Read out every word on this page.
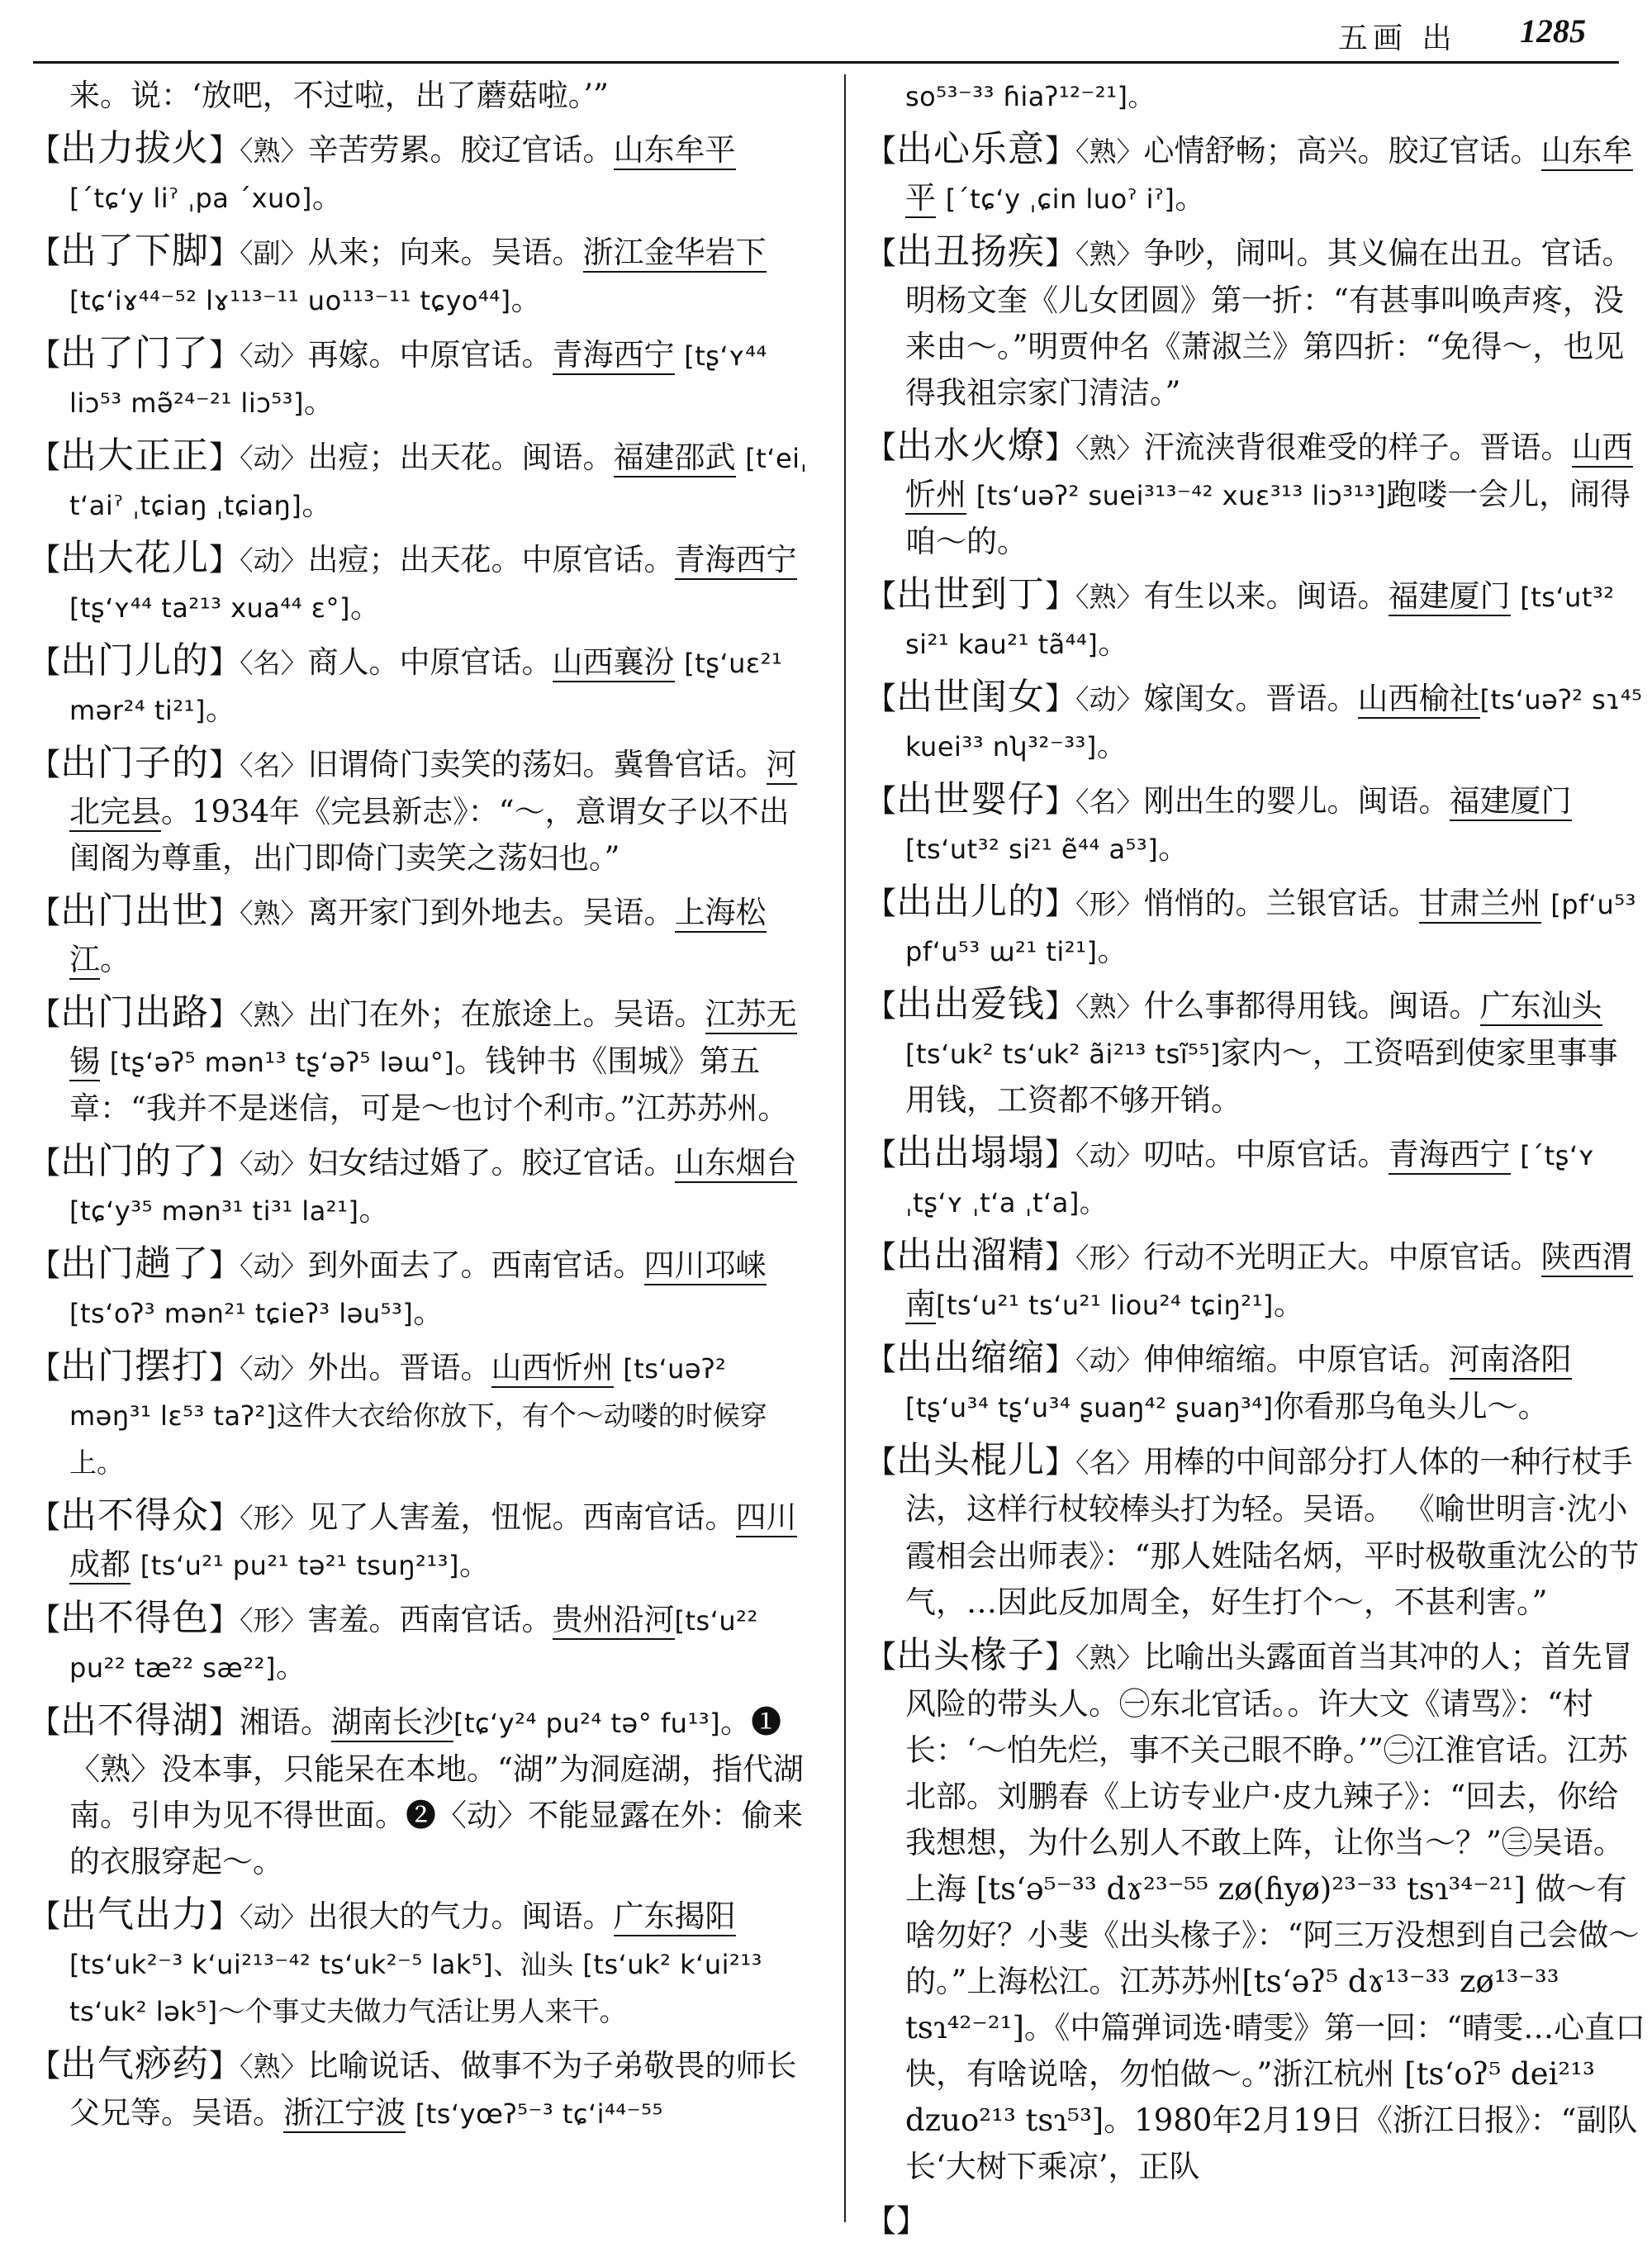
五画 出 1285

来。说：‘放吧，不过啦，出了蘑菇啦。’”

【出力拔火】〈熟〉辛苦劳累。胶辽官话。山东牟平 [ˊtɕʻy liˀ ˌpa ˊxuo]。

【出了下脚】〈副〉从来；向来。吴语。浙江金华岩下 [tɕʻiɤ⁴⁴⁻⁵² lɤ¹¹³⁻¹¹ uo¹¹³⁻¹¹ tɕyo⁴⁴]。

【出了门了】〈动〉再嫁。中原官话。青海西宁 [tʂʻʏ⁴⁴ liɔ⁵³ mə̃²⁴⁻²¹ liɔ⁵³]。

【出大正正】〈动〉出痘；出天花。闽语。福建邵武 [tʻeiˌ tʻaiˀ ˌtɕiaŋ ˌtɕiaŋ]。

【出大花儿】〈动〉出痘；出天花。中原官话。青海西宁 [tʂʻʏ⁴⁴ ta²¹³ xua⁴⁴ ɛ°]。

【出门儿的】〈名〉商人。中原官话。山西襄汾 [tʂʻuɛ²¹ mər²⁴ ti²¹]。

【出门子的】〈名〉旧谓倚门卖笑的荡妇。冀鲁官话。河北完县。1934年《完县新志》：“～，意谓女子以不出闺阁为尊重，出门即倚门卖笑之荡妇也。”

【出门出世】〈熟〉离开家门到外地去。吴语。上海松江。

【出门出路】〈熟〉出门在外；在旅途上。吴语。江苏无锡 [tʂʻəʔ⁵ mən¹³ tʂʻəʔ⁵ ləɯ°]。钱钟书《围城》第五章：“我并不是迷信，可是～也讨个利市。”江苏苏州。

【出门的了】〈动〉妇女结过婚了。胶辽官话。山东烟台 [tɕʻy³⁵ mən³¹ ti³¹ la²¹]。

【出门趟了】〈动〉到外面去了。西南官话。四川邛崃 [tsʻoʔ³ mən²¹ tɕieʔ³ ləu⁵³]。

【出门摆打】〈动〉外出。晋语。山西忻州 [tsʻuəʔ² məŋ³¹ lɛ⁵³ taʔ²]这件大衣给你放下，有个～动喽的时候穿上。

【出不得众】〈形〉见了人害羞，忸怩。西南官话。四川成都 [tsʻu²¹ pu²¹ tə²¹ tsuŋ²¹³]。

【出不得色】〈形〉害羞。西南官话。贵州沿河[tsʻu²² pu²² tæ²² sæ²²]。

【出不得湖】湘语。湖南长沙[tɕʻy²⁴ pu²⁴ tə° fu¹³]。❶〈熟〉没本事，只能呆在本地。“湖”为洞庭湖，指代湖南。引申为见不得世面。❷〈动〉不能显露在外：偷来的衣服穿起～。

【出气出力】〈动〉出很大的气力。闽语。广东揭阳 [tsʻuk²⁻³ kʻui²¹³⁻⁴² tsʻuk²⁻⁵ lak⁵]、汕头 [tsʻuk² kʻui²¹³ tsʻuk² lək⁵]～个事丈夫做力气活让男人来干。

【出气痧药】〈熟〉比喻说话、做事不为子弟敬畏的师长父兄等。吴语。浙江宁波 [tsʻyœʔ⁵⁻³ tɕʻi⁴⁴⁻⁵⁵

so⁵³⁻³³ ɦiaʔ¹²⁻²¹]。

【出心乐意】〈熟〉心情舒畅；高兴。胶辽官话。山东牟平 [ˊtɕʻy ˌɕin luoˀ iˀ]。

【出丑扬疾】〈熟〉争吵，闹叫。其义偏在出丑。官话。明杨文奎《儿女团圆》第一折：“有甚事叫唤声疼，没来由～。”明贾仲名《萧淑兰》第四折：“免得～，也见得我祖宗家门清洁。”

【出水火燎】〈熟〉汗流浃背很难受的样子。晋语。山西忻州 [tsʻuəʔ² suei³¹³⁻⁴² xuɛ³¹³ liɔ³¹³]跑喽一会儿，闹得咱～的。

【出世到丁】〈熟〉有生以来。闽语。福建厦门 [tsʻut³² si²¹ kau²¹ tã⁴⁴]。

【出世闺女】〈动〉嫁闺女。晋语。山西榆社[tsʻuəʔ² sɿ⁴⁵ kuei³³ nʮ³²⁻³³]。

【出世婴仔】〈名〉刚出生的婴儿。闽语。福建厦门 [tsʻut³² si²¹ ẽ⁴⁴ a⁵³]。

【出出儿的】〈形〉悄悄的。兰银官话。甘肃兰州 [pfʻu⁵³ pfʻu⁵³ ɯ²¹ ti²¹]。

【出出爱钱】〈熟〉什么事都得用钱。闽语。广东汕头 [tsʻuk² tsʻuk² ãi²¹³ tsĩ⁵⁵]家内～，工资唔到使家里事事用钱，工资都不够开销。

【出出塌塌】〈动〉叨咕。中原官话。青海西宁 [ˊtʂʻʏ ˌtʂʻʏ ˌtʻa ˌtʻa]。

【出出溜精】〈形〉行动不光明正大。中原官话。陕西渭南[tsʻu²¹ tsʻu²¹ liou²⁴ tɕiŋ²¹]。

【出出缩缩】〈动〉伸伸缩缩。中原官话。河南洛阳 [tʂʻu³⁴ tʂʻu³⁴ ʂuaŋ⁴² ʂuaŋ³⁴]你看那乌龟头儿～。

【出头棍儿】〈名〉用棒的中间部分打人体的一种行杖手法，这样行杖较棒头打为轻。吴语。 《喻世明言·沈小霞相会出师表》：“那人姓陆名炳，平时极敬重沈公的节气，…因此反加周全，好生打个～，不甚利害。”

【出头椽子】〈熟〉比喻出头露面首当其冲的人；首先冒风险的带头人。㊀东北官话。。许大文《请骂》：“村长：‘～怕先烂，事不关己眼不睁。’”㊁江淮官话。江苏北部。刘鹏春《上访专业户·皮九辣子》：“回去，你给我想想，为什么别人不敢上阵，让你当～？”㊂吴语。上海 [tsʻə⁵⁻³³ dɤ²³⁻⁵⁵ zø(ɦyø)²³⁻³³ tsɿ³⁴⁻²¹] 做～有啥勿好？小斐《出头椽子》：“阿三万没想到自己会做～的。”上海松江。江苏苏州[tsʻəʔ⁵ dɤ¹³⁻³³ zø¹³⁻³³ tsɿ⁴²⁻²¹]。《中篇弹词选·晴雯》第一回：“晴雯…心直口快，有啥说啥，勿怕做～。”浙江杭州 [tsʻoʔ⁵ dei²¹³ dzuo²¹³ tsɿ⁵³]。1980年2月19日《浙江日报》：“副队长‘大树下乘凉’，正队

【】
